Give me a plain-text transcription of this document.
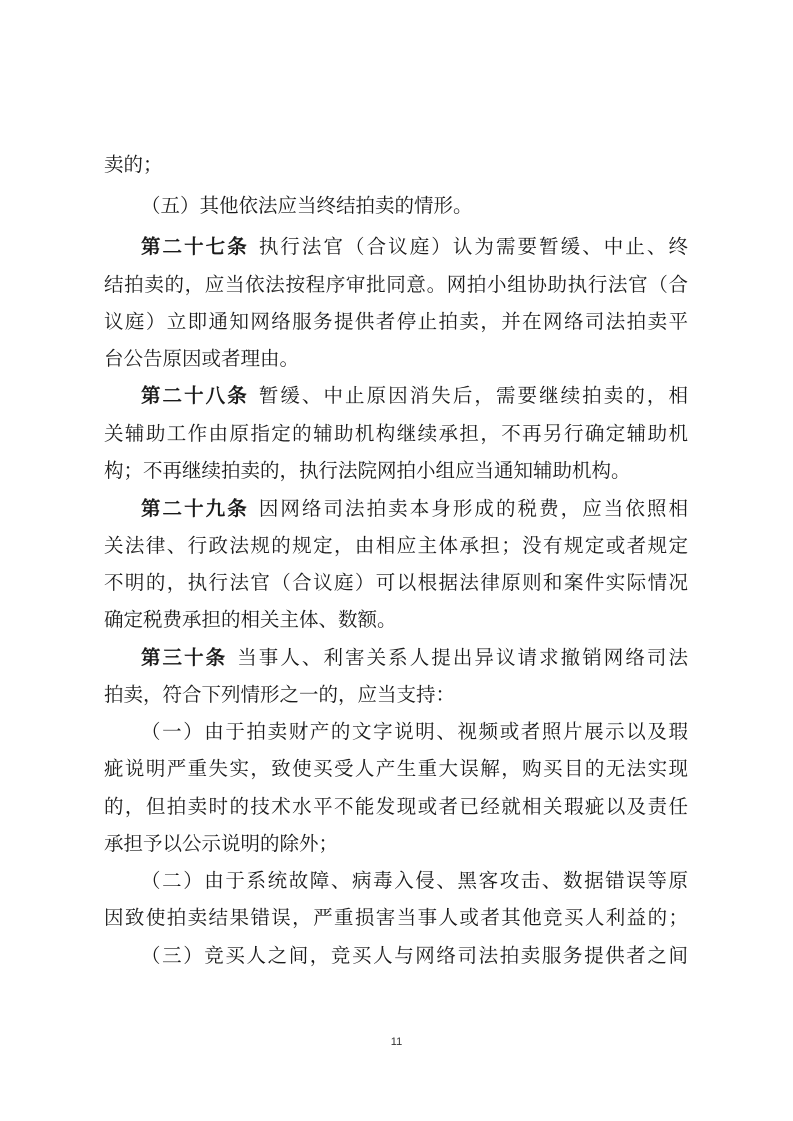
卖的；
（五）其他依法应当终结拍卖的情形。
第二十七条 执行法官（合议庭）认为需要暂缓、中止、终
结拍卖的，应当依法按程序审批同意。网拍小组协助执行法官（合
议庭）立即通知网络服务提供者停止拍卖，并在网络司法拍卖平
台公告原因或者理由。
第二十八条 暂缓、中止原因消失后，需要继续拍卖的，相
关辅助工作由原指定的辅助机构继续承担，不再另行确定辅助机
构；不再继续拍卖的，执行法院网拍小组应当通知辅助机构。
第二十九条 因网络司法拍卖本身形成的税费，应当依照相
关法律、行政法规的规定，由相应主体承担；没有规定或者规定
不明的，执行法官（合议庭）可以根据法律原则和案件实际情况
确定税费承担的相关主体、数额。
第三十条 当事人、利害关系人提出异议请求撤销网络司法
拍卖，符合下列情形之一的，应当支持：
（一）由于拍卖财产的文字说明、视频或者照片展示以及瑕
疵说明严重失实，致使买受人产生重大误解，购买目的无法实现
的，但拍卖时的技术水平不能发现或者已经就相关瑕疵以及责任
承担予以公示说明的除外；
（二）由于系统故障、病毒入侵、黑客攻击、数据错误等原
因致使拍卖结果错误，严重损害当事人或者其他竞买人利益的；
（三）竞买人之间，竞买人与网络司法拍卖服务提供者之间
11
